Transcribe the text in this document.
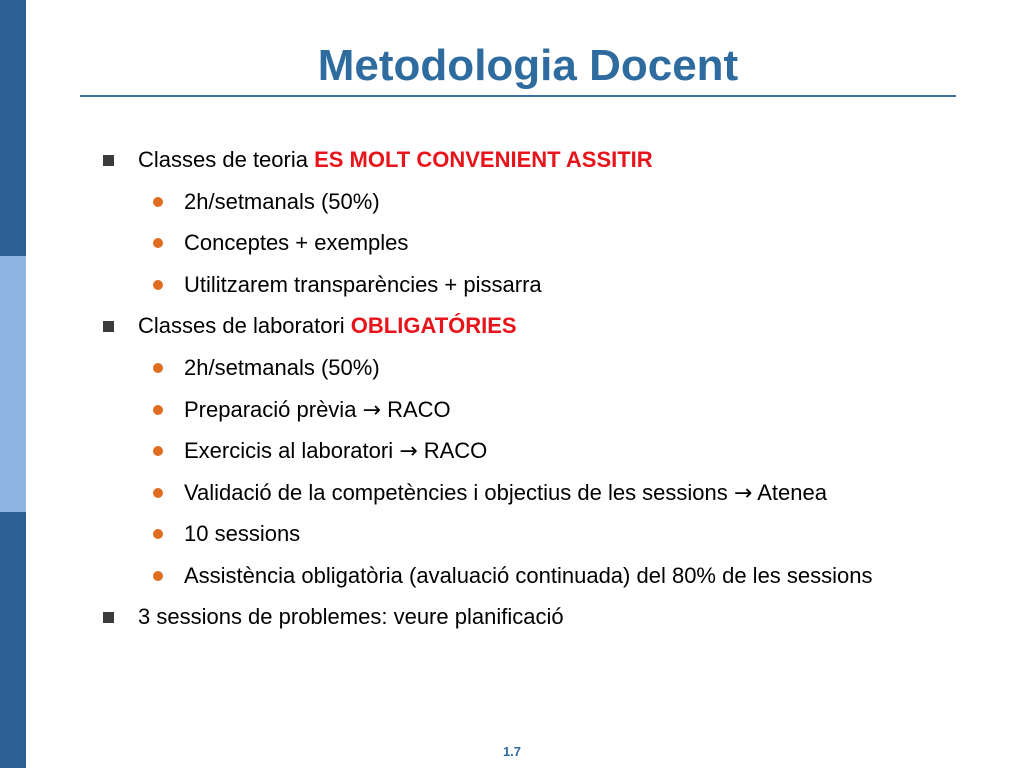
Metodologia Docent
Classes de teoria ES MOLT CONVENIENT ASSITIR
2h/setmanals (50%)
Conceptes + exemples
Utilitzarem transparències + pissarra
Classes de laboratori OBLIGATÓRIES
2h/setmanals (50%)
Preparació prèvia → RACO
Exercicis al laboratori → RACO
Validació de la competències i objectius de les sessions → Atenea
10 sessions
Assistència obligatòria (avaluació continuada) del 80% de les sessions
3 sessions de problemes: veure planificació
1.7
